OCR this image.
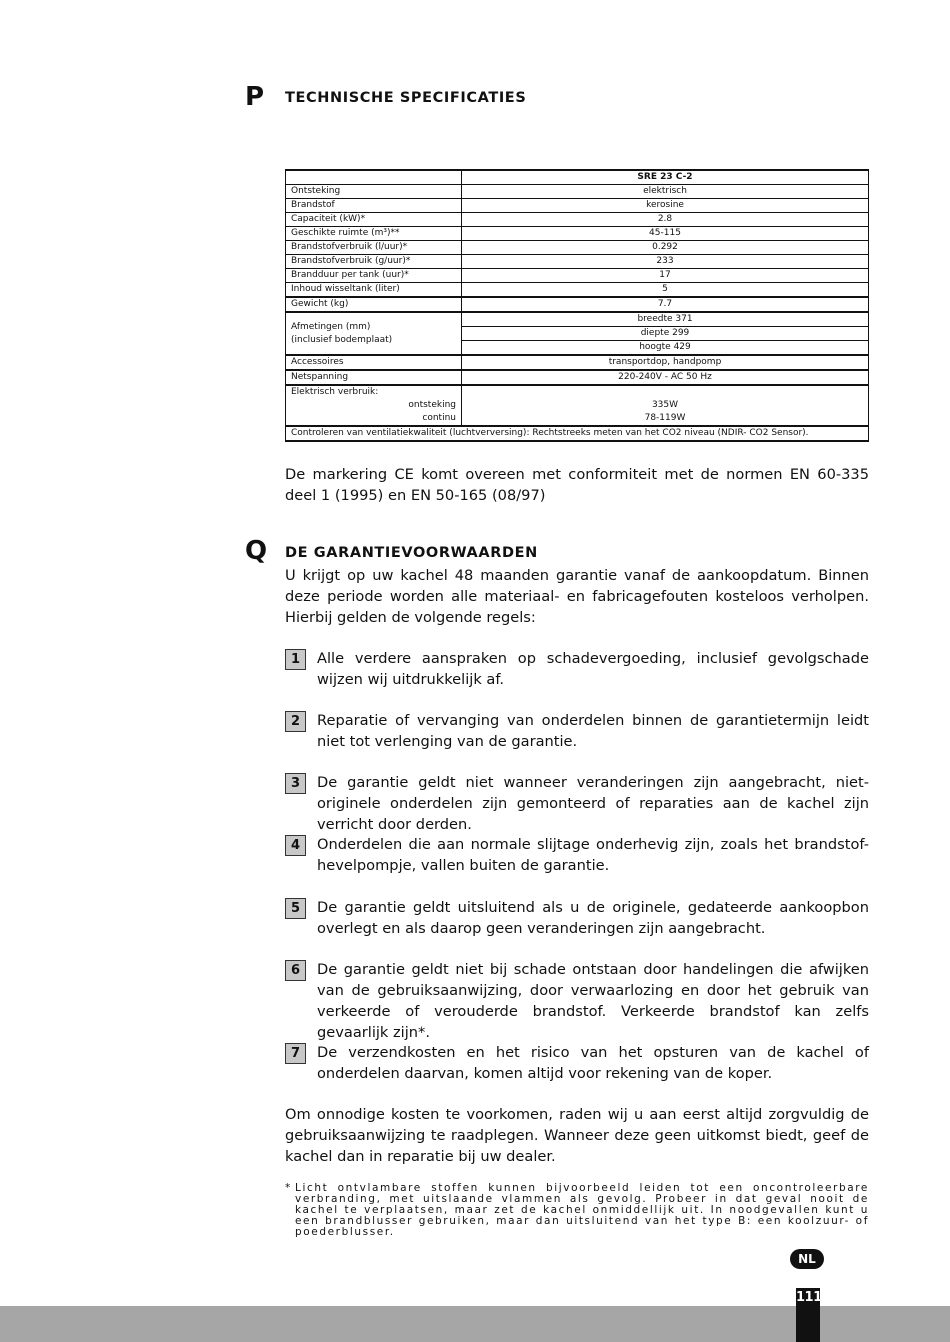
P TECHNISCHE SPECIFICATIES
	SRE 23 C-2
Ontsteking	elektrisch
Brandstof	kerosine
Capaciteit (kW)*	2.8
Geschikte ruimte (m³)**	45-115
Brandstofverbruik (l/uur)*	0.292
Brandstofverbruik (g/uur)*	233
Brandduur per tank (uur)*	17
Inhoud wisseltank (liter)	5
Gewicht (kg)	7.7

Afmetingen (mm)
(inclusief bodemplaat)	breedte 371
	diepte 299
	hoogte 429
Accessoires	transportdop, handpomp
Netspanning	220-240V - AC 50 Hz
Elektrisch verbruik:	
ontsteking	335W
continu	78-119W
Controleren van ventilatiekwaliteit (luchtverversing): Rechtstreeks meten van het CO2 niveau (NDIR- CO2 Sensor).	
De markering CE komt overeen met conformiteit met de normen EN 60-335 deel 1 (1995) en EN 50-165 (08/97)
Q DE GARANTIEVOORWAARDEN
U krijgt op uw kachel 48 maanden garantie vanaf de aankoopdatum. Binnen deze periode worden alle materiaal- en fabricagefouten kosteloos verholpen. Hierbij gelden de volgende regels:
1	Alle verdere aanspraken op schadevergoeding, inclusief gevolgschade wijzen wij uitdrukkelijk af.
2	Reparatie of vervanging van onderdelen binnen de garantietermijn leidt niet tot verlenging van de garantie.
3	De garantie geldt niet wanneer veranderingen zijn aangebracht, niet-originele onderdelen zijn gemonteerd of reparaties aan de kachel zijn verricht door derden.
4	Onderdelen die aan normale slijtage onderhevig zijn, zoals het brandstof-hevelpompje, vallen buiten de garantie.
5	De garantie geldt uitsluitend als u de originele, gedateerde aankoopbon overlegt en als daarop geen veranderingen zijn aangebracht.
6	De garantie geldt niet bij schade ontstaan door handelingen die afwijken van de gebruiksaanwijzing, door verwaarlozing en door het gebruik van verkeerde of verouderde brandstof. Verkeerde brandstof kan zelfs gevaarlijk zijn*.
7	De verzendkosten en het risico van het opsturen van de kachel of onderdelen daarvan, komen altijd voor rekening van de koper.
Om onnodige kosten te voorkomen, raden wij u aan eerst altijd zorgvuldig de gebruiksaanwijzing te raadplegen. Wanneer deze geen uitkomst biedt, geef de kachel dan in reparatie bij uw dealer.
* Licht ontvlambare stoffen kunnen bijvoorbeeld leiden tot een oncontroleerbare verbranding, met uitslaande vlammen als gevolg. Probeer in dat geval nooit de kachel te verplaatsen, maar zet de kachel onmiddellijk uit. In noodgevallen kunt u een brandblusser gebruiken, maar dan uitsluitend van het type B: een koolzuur- of poederblusser.
NL
111
